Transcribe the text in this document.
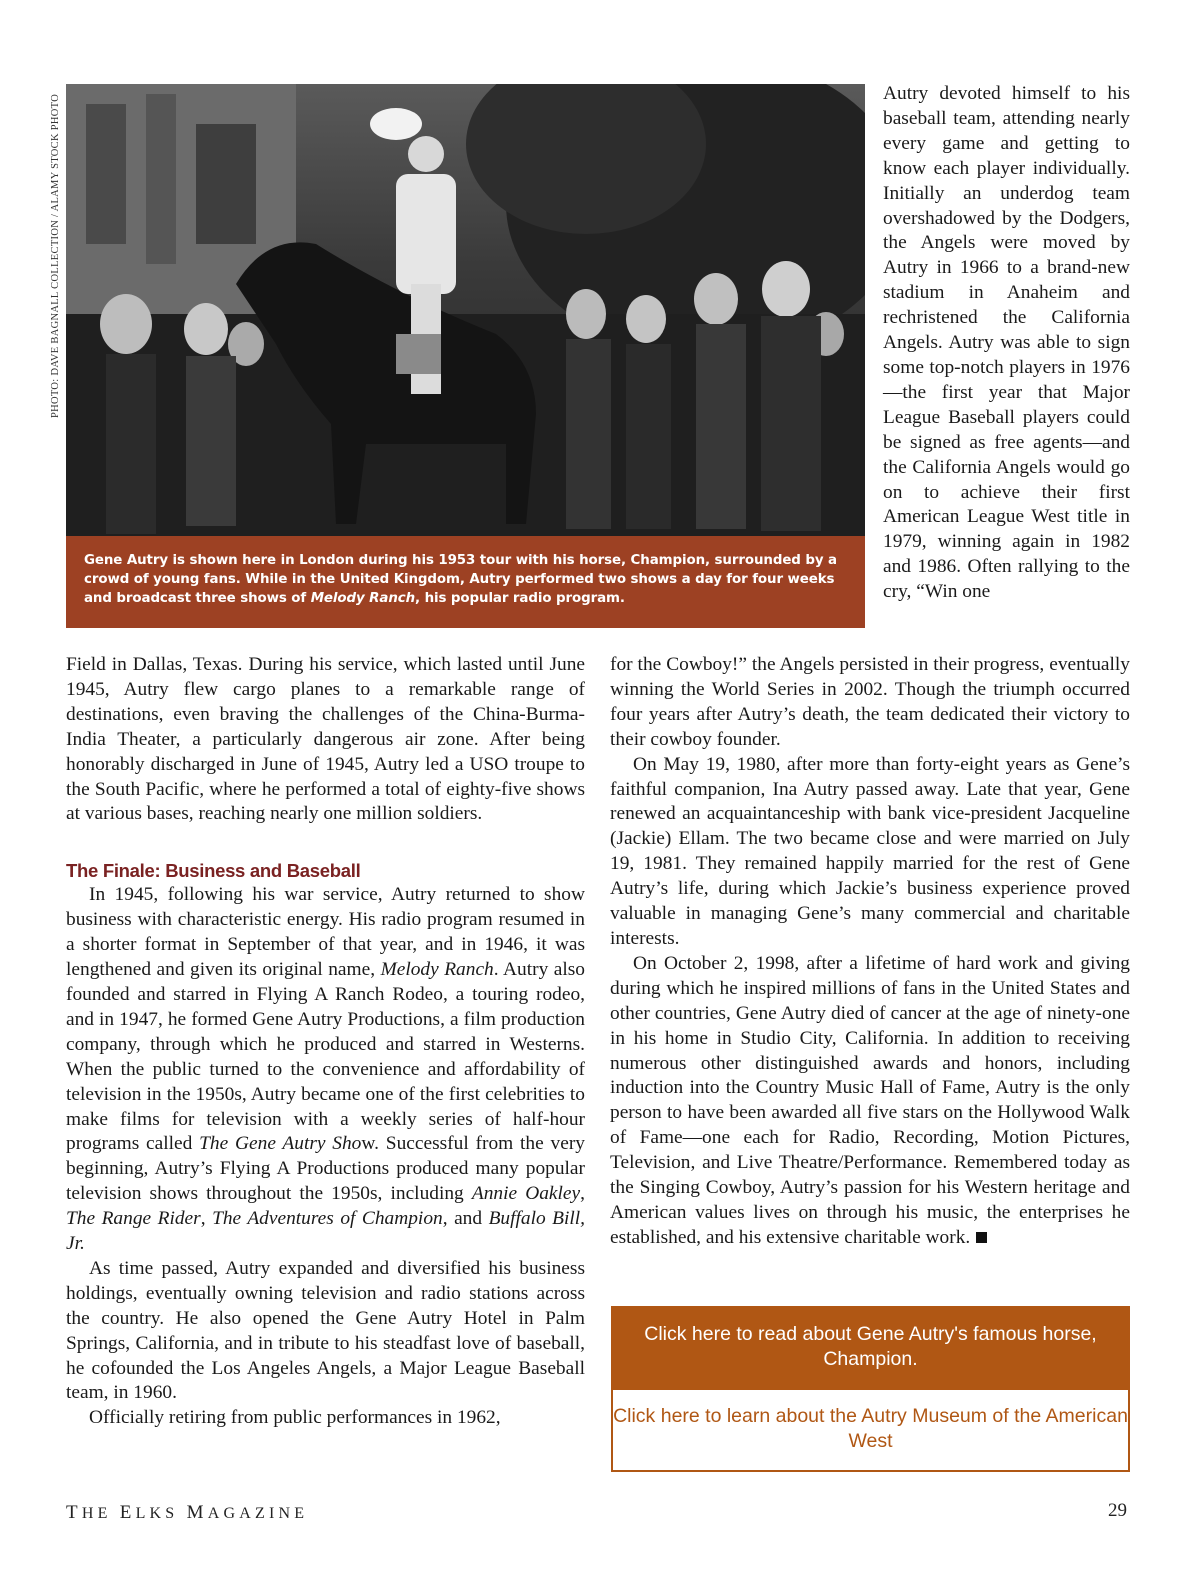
PHOTO: DAVE BAGNALL COLLECTION / ALAMY STOCK PHOTO
Gene Autry is shown here in London during his 1953 tour with his horse, Champion, surrounded by a crowd of young fans. While in the United Kingdom, Autry performed two shows a day for four weeks and broadcast three shows of Melody Ranch, his popular radio program.

Autry devoted himself to his baseball team, attending nearly every game and getting to know each player individually. Initially an underdog team overshadowed by the Dodgers, the Angels were moved by Autry in 1966 to a brand-new stadium in Anaheim and rechristened the California Angels. Autry was able to sign some top-notch players in 1976—the first year that Major League Baseball players could be signed as free agents—and the California Angels would go on to achieve their first American League West title in 1979, winning again in 1982 and 1986. Often rallying to the cry, “Win one

Field in Dallas, Texas. During his service, which lasted until June 1945, Autry flew cargo planes to a remarkable range of destinations, even braving the challenges of the China-Burma-India Theater, a particularly dangerous air zone. After being honorably discharged in June of 1945, Autry led a USO troupe to the South Pacific, where he performed a total of eighty-five shows at various bases, reaching nearly one million soldiers.

The Finale: Business and Baseball

In 1945, following his war service, Autry returned to show business with characteristic energy. His radio program resumed in a shorter format in September of that year, and in 1946, it was lengthened and given its original name, Melody Ranch. Autry also founded and starred in Flying A Ranch Rodeo, a touring rodeo, and in 1947, he formed Gene Autry Productions, a film production company, through which he produced and starred in Westerns. When the public turned to the convenience and affordability of television in the 1950s, Autry became one of the first celebrities to make films for television with a weekly series of half-hour programs called The Gene Autry Show. Successful from the very beginning, Autry’s Flying A Productions produced many popular television shows throughout the 1950s, including Annie Oakley, The Range Rider, The Adventures of Champion, and Buffalo Bill, Jr.

As time passed, Autry expanded and diversified his business holdings, eventually owning television and radio stations across the country. He also opened the Gene Autry Hotel in Palm Springs, California, and in tribute to his steadfast love of baseball, he cofounded the Los Angeles Angels, a Major League Baseball team, in 1960.

Officially retiring from public performances in 1962,

for the Cowboy!” the Angels persisted in their progress, eventually winning the World Series in 2002. Though the triumph occurred four years after Autry’s death, the team dedicated their victory to their cowboy founder.

On May 19, 1980, after more than forty-eight years as Gene’s faithful companion, Ina Autry passed away. Late that year, Gene renewed an acquaintanceship with bank vice-president Jacqueline (Jackie) Ellam. The two became close and were married on July 19, 1981. They remained happily married for the rest of Gene Autry’s life, during which Jackie’s business experience proved valuable in managing Gene’s many commercial and charitable interests.

On October 2, 1998, after a lifetime of hard work and giving during which he inspired millions of fans in the United States and other countries, Gene Autry died of cancer at the age of ninety-one in his home in Studio City, California. In addition to receiving numerous other distinguished awards and honors, including induction into the Country Music Hall of Fame, Autry is the only person to have been awarded all five stars on the Hollywood Walk of Fame—one each for Radio, Recording, Motion Pictures, Television, and Live Theatre/Performance. Remembered today as the Singing Cowboy, Autry’s passion for his Western heritage and American values lives on through his music, the enterprises he established, and his extensive charitable work.

Click here to read about Gene Autry's famous horse, Champion.
Click here to learn about the Autry Museum of the American West
THE ELKS MAGAZINE	29
